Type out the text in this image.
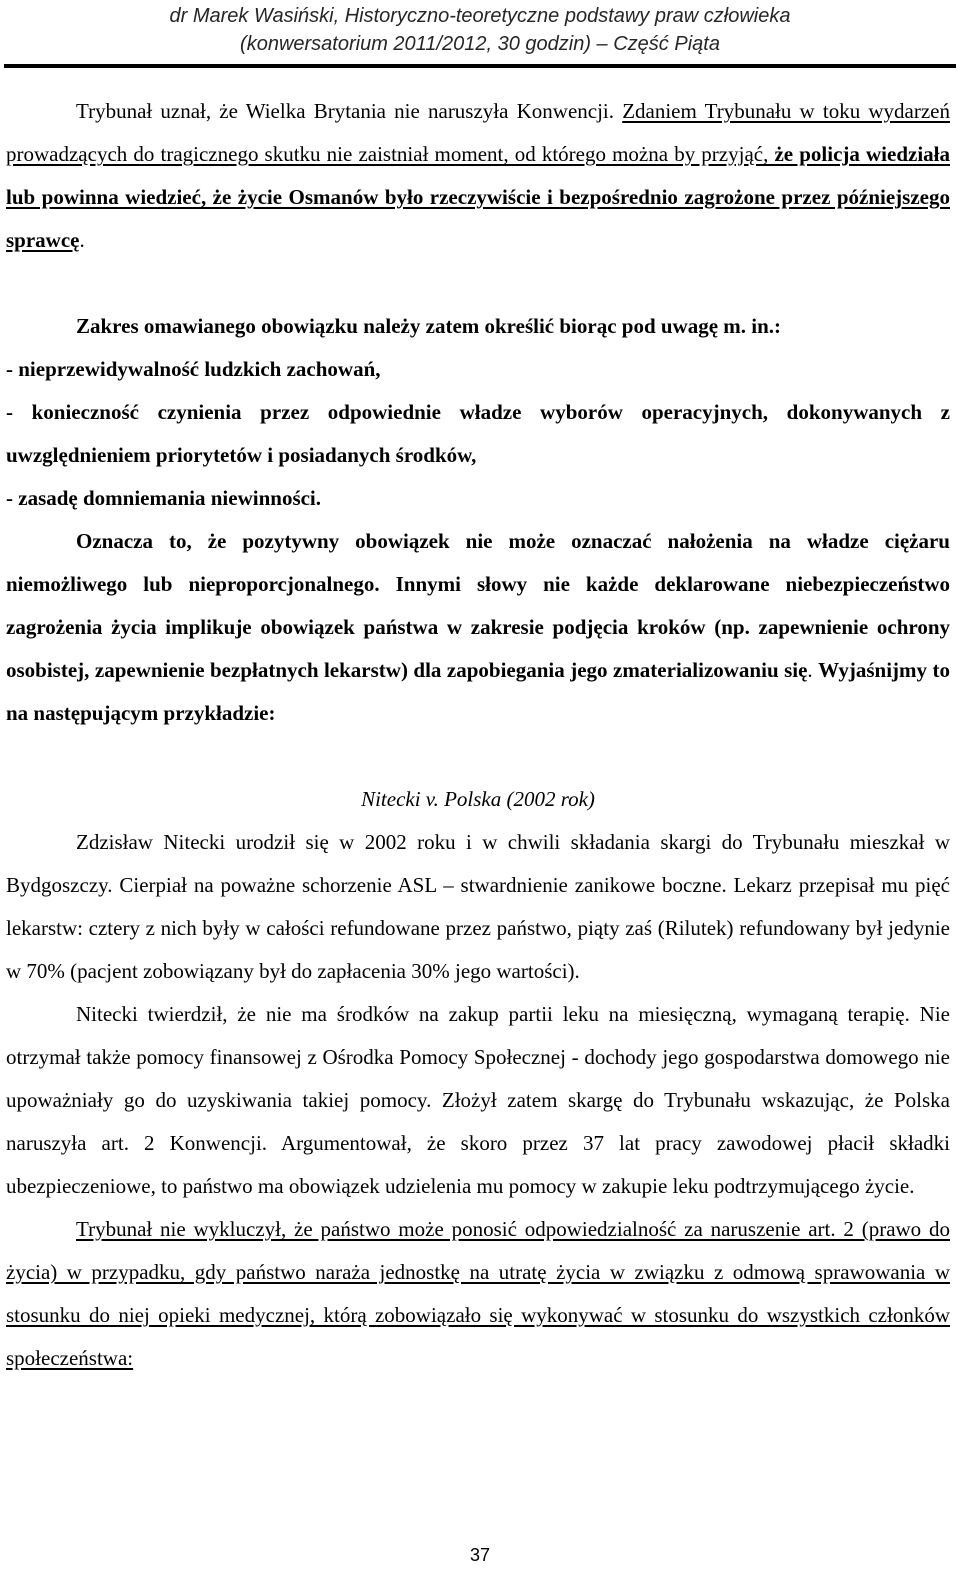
dr Marek Wasiński, Historyczno-teoretyczne podstawy praw człowieka
(konwersatorium 2011/2012, 30 godzin) – Część Piąta

Trybunał uznał, że Wielka Brytania nie naruszyła Konwencji. Zdaniem Trybunału w toku wydarzeń prowadzących do tragicznego skutku nie zaistniał moment, od którego można by przyjąć, że policja wiedziała lub powinna wiedzieć, że życie Osmanów było rzeczywiście i bezpośrednio zagrożone przez późniejszego sprawcę.

Zakres omawianego obowiązku należy zatem określić biorąc pod uwagę m. in.:

- nieprzewidywalność ludzkich zachowań,

- konieczność czynienia przez odpowiednie władze wyborów operacyjnych, dokonywanych z uwzględnieniem priorytetów i posiadanych środków,

- zasadę domniemania niewinności.

Oznacza to, że pozytywny obowiązek nie może oznaczać nałożenia na władze ciężaru niemożliwego lub nieproporcjonalnego. Innymi słowy nie każde deklarowane niebezpieczeństwo zagrożenia życia implikuje obowiązek państwa w zakresie podjęcia kroków (np. zapewnienie ochrony osobistej, zapewnienie bezpłatnych lekarstw) dla zapobiegania jego zmaterializowaniu się. Wyjaśnijmy to na następującym przykładzie:

Nitecki v. Polska (2002 rok)

Zdzisław Nitecki urodził się w 2002 roku i w chwili składania skargi do Trybunału mieszkał w Bydgoszczy. Cierpiał na poważne schorzenie ASL – stwardnienie zanikowe boczne. Lekarz przepisał mu pięć lekarstw: cztery z nich były w całości refundowane przez państwo, piąty zaś (Rilutek) refundowany był jedynie w 70% (pacjent zobowiązany był do zapłacenia 30% jego wartości).

Nitecki twierdził, że nie ma środków na zakup partii leku na miesięczną, wymaganą terapię. Nie otrzymał także pomocy finansowej z Ośrodka Pomocy Społecznej - dochody jego gospodarstwa domowego nie upoważniały go do uzyskiwania takiej pomocy. Złożył zatem skargę do Trybunału wskazując, że Polska naruszyła art. 2 Konwencji. Argumentował, że skoro przez 37 lat pracy zawodowej płacił składki ubezpieczeniowe, to państwo ma obowiązek udzielenia mu pomocy w zakupie leku podtrzymującego życie.

Trybunał nie wykluczył, że państwo może ponosić odpowiedzialność za naruszenie art. 2 (prawo do życia) w przypadku, gdy państwo naraża jednostkę na utratę życia w związku z odmową sprawowania w stosunku do niej opieki medycznej, którą zobowiązało się wykonywać w stosunku do wszystkich członków społeczeństwa:

37
